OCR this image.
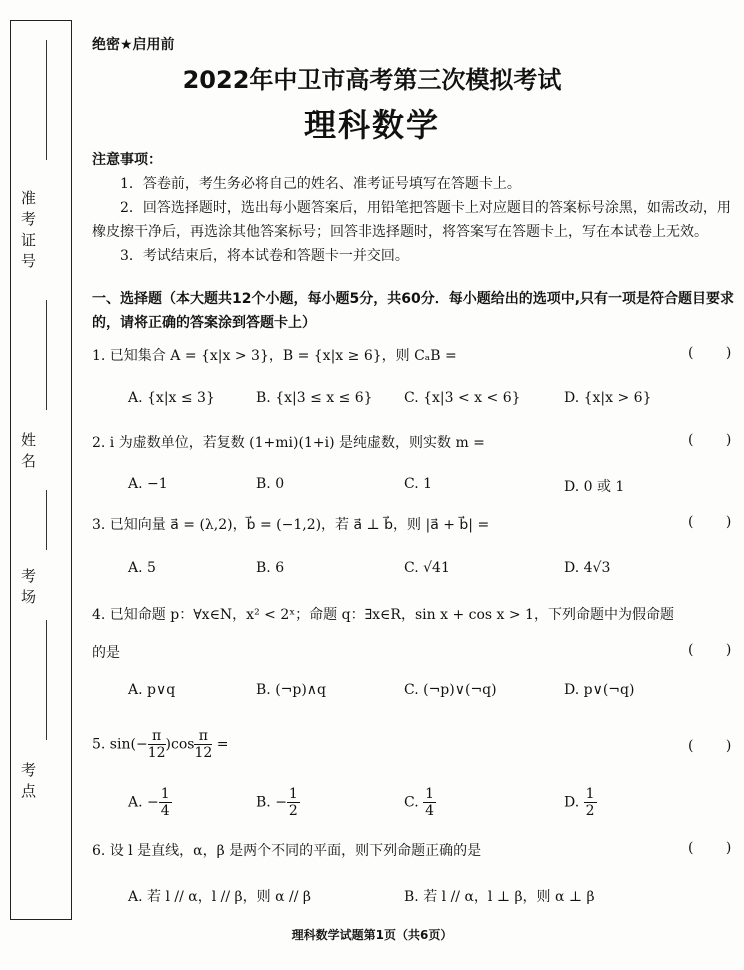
准考证号
姓名
考场
考点
绝密★启用前
2022年中卫市高考第三次模拟考试
理科数学

注意事项：

1．答卷前，考生务必将自己的姓名、准考证号填写在答题卡上。

2．回答选择题时，选出每小题答案后，用铅笔把答题卡上对应题目的答案标号涂黑，如需改动，用橡皮擦干净后，再选涂其他答案标号；回答非选择题时，将答案写在答题卡上，写在本试卷上无效。

3．考试结束后，将本试卷和答题卡一并交回。

一、选择题（本大题共12个小题，每小题5分，共60分．每小题给出的选项中,只有一项是符合题目要求的，请将正确的答案涂到答题卡上）
1. 已知集合 A = {x|x > 3}，B = {x|x ≥ 6}，则 CₐB =	( )
A. {x|x ≤ 3}	B. {x|3 ≤ x ≤ 6} C. {x|3 < x < 6}	D. {x|x > 6}
2. i 为虚数单位，若复数 (1+mi)(1+i) 是纯虚数，则实数 m =	( )
A. −1	B. 0	C. 1	D. 0 或 1
3. 已知向量 a⃗ = (λ,2)，b⃗ = (−1,2)，若 a⃗ ⊥ b⃗，则 |a⃗ + b⃗| =	( )
A. 5	B. 6	C. √41	D. 4√3
4. 已知命题 p：∀x∈N，x² < 2ˣ；命题 q：∃x∈R，sin x + cos x > 1，下列命题中为假命题
的是	( )
A. p∨q	B. (¬p)∧q	C. (¬p)∨(¬q)	D. p∨(¬q)
5. $\sin(- \frac{\pi}{12} )\cos \frac{\pi}{12}$ =	( )
A. − $\frac{1}{4}$	B. − $\frac{1}{2}$	C. $\frac{1}{4}$	D. $\frac{1}{2}$
6. 设 l 是直线，α，β 是两个不同的平面，则下列命题正确的是	( )
A. 若 l // α，l // β，则 α // β	B. 若 l // α，l ⊥ β，则 α ⊥ β
理科数学试题第1页（共6页）
